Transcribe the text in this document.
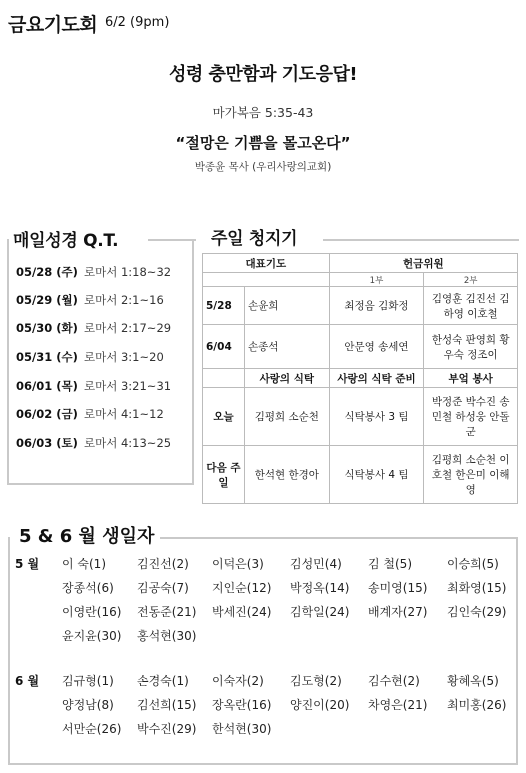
금요기도회 6/2 (9pm)
성령 충만함과 기도응답!
마가복음 5:35-43
“절망은 기쁨을 몰고온다”
박종윤 목사 (우리사랑의교회)
매일성경 Q.T.
05/28 (주) 로마서 1:18~32
05/29 (월) 로마서 2:1~16
05/30 (화) 로마서 2:17~29
05/31 (수) 로마서 3:1~20
06/01 (목) 로마서 3:21~31
06/02 (금) 로마서 4:1~12
06/03 (토) 로마서 4:13~25
주일 청지기
대표기도		헌금위원	
		1부	2부
5/28	손윤희	최정음 김화정	김영훈 김진선 김하영 이호철
6/04	손종석	안문영 송세연	한성숙 판영희 황우숙 정조이
	사랑의 식탁	사랑의 식탁 준비	부엌 봉사
오늘	김평희 소순천	식탁봉사 3 팀	박정준 박수진 송민철 하성웅 안돌군
다음 주일	한석현 한경아	식탁봉사 4 팀	김평희 소순천 이호철 한은미 이해영
5 & 6 월 생일자
5 월
6 월
이 숙(1)	김진선(2) 이덕은(3) 김성민(4) 김 철(5)	이승희(5)
장종석(6) 김공숙(7) 지인순(12) 박정옥(14) 송미영(15) 최화영(15)
이영란(16) 전동준(21) 박세진(24) 김학일(24) 배계자(27) 김인숙(29)
윤지윤(30) 홍석현(30)
김규형(1) 손경숙(1) 이숙자(2) 김도형(2) 김수현(2) 황혜옥(5)
양정남(8) 김선희(15) 장옥란(16) 양진이(20) 차영은(21) 최미홍(26)
서만순(26) 박수진(29) 한석현(30)
